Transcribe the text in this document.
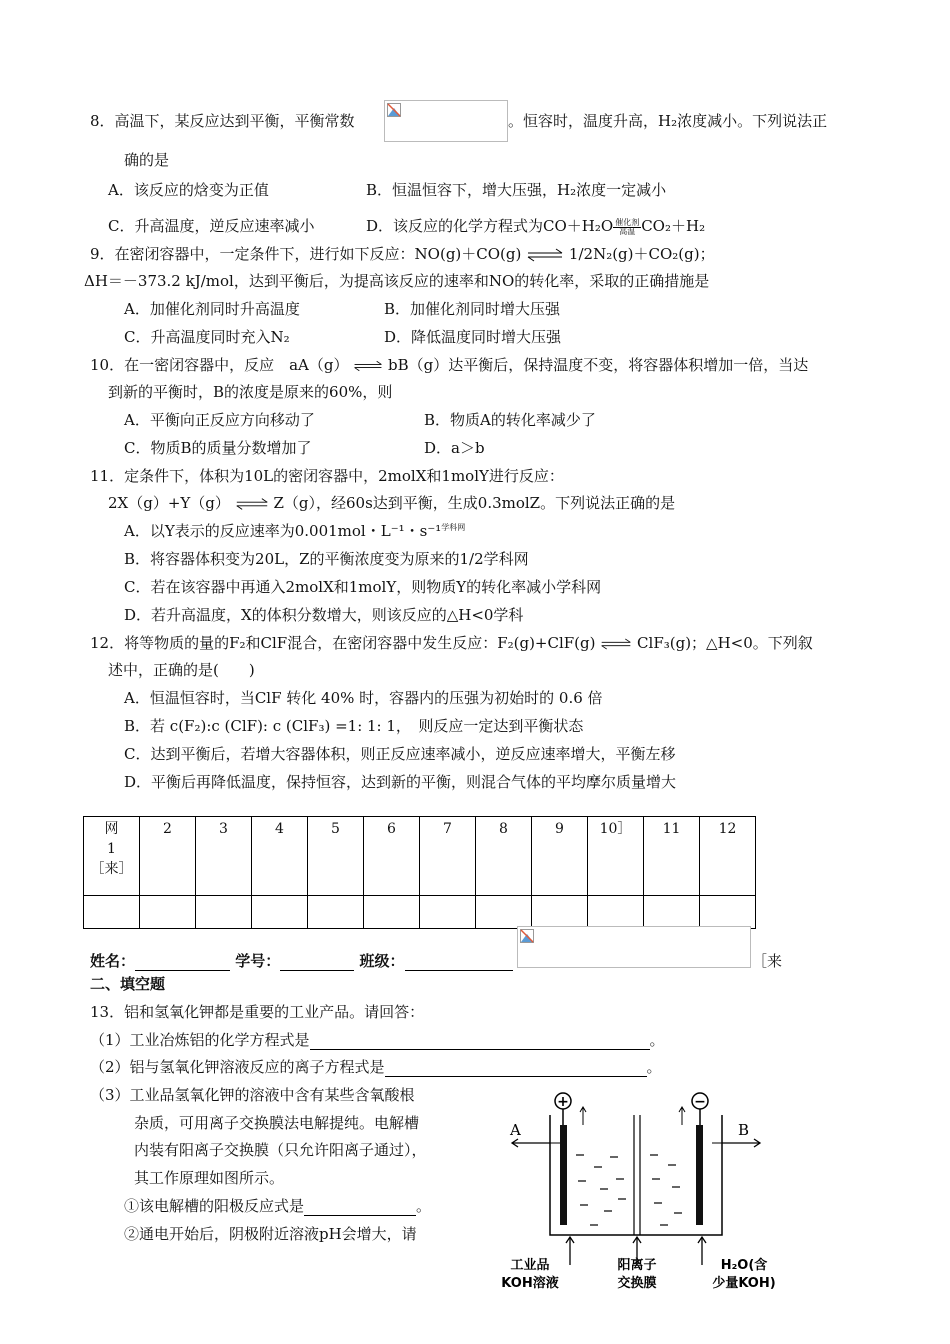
8．高温下，某反应达到平衡，平衡常数	。恒容时，温度升高，H₂浓度减小。下列说法正
确的是
A．该反应的焓变为正值	B．恒温恒容下，增大压强，H₂浓度一定减小
C．升高温度，逆反应速率减小	D．该反应的化学方程式为CO＋H₂O 催化剂
高温 CO₂＋H₂
9．在密闭容器中，一定条件下，进行如下反应：NO(g)＋CO(g) ⇌ 1/2N₂(g)＋CO₂(g)；
ΔH＝－373.2 kJ/mol，达到平衡后，为提高该反应的速率和NO的转化率，采取的正确措施是
A．加催化剂同时升高温度	B．加催化剂同时增大压强
C．升高温度同时充入N₂	D．降低温度同时增大压强
10．在一密闭容器中，反应　aA（g） ⇌ bB（g）达平衡后，保持温度不变，将容器体积增加一倍，当达
到新的平衡时，B的浓度是原来的60%，则
A．平衡向正反应方向移动了	B．物质A的转化率减少了
C．物质B的质量分数增加了	D．a＞b
11．定条件下，体积为10L的密闭容器中，2molX和1molY进行反应：
2X（g）+Y（g） ⇌ Z（g），经60s达到平衡，生成0.3molZ。下列说法正确的是
A．以Y表示的反应速率为0.001mol・L⁻¹・s⁻¹$^{学科网}$
B．将容器体积变为20L，Z的平衡浓度变为原来的1/2学科网
C．若在该容器中再通入2molX和1molY，则物质Y的转化率减小学科网
D．若升高温度，X的体积分数增大，则该反应的△H<0学科
12．将等物质的量的F₂和ClF混合，在密闭容器中发生反应：F₂(g)+ClF(g) ⇌ ClF₃(g)；△H<0。下列叙
述中，正确的是(　　)
A．恒温恒容时，当ClF 转化 40% 时，容器内的压强为初始时的 0.6 倍
B．若 c(F₂):c (ClF): c (ClF₃) =1: 1: 1，　则反应一定达到平衡状态
C．达到平衡后，若增大容器体积，则正反应速率减小，逆反应速率增大，平衡左移
D．平衡后再降低温度，保持恒容，达到新的平衡，则混合气体的平均摩尔质量增大
网
1
［来］	2	3	4	5	6	7	8	9	10］	11	12

姓名：	学号：	班级：	［来
二、填空题
13．铝和氢氧化钾都是重要的工业产品。请回答：
（1）工业冶炼铝的化学方程式是	。
（2）铝与氢氧化钾溶液反应的离子方程式是	。
（3）工业品氢氧化钾的溶液中含有某些含氧酸根
杂质，可用离子交换膜法电解提纯。电解槽
内装有阳离子交换膜（只允许阳离子通过），
其工作原理如图所示。
①该电解槽的阳极反应式是	。
②通电开始后，阴极附近溶液pH会增大，请
A	B
+	−
工业品
KOH溶液
阳离子
交换膜
H₂O(含
少量KOH)
